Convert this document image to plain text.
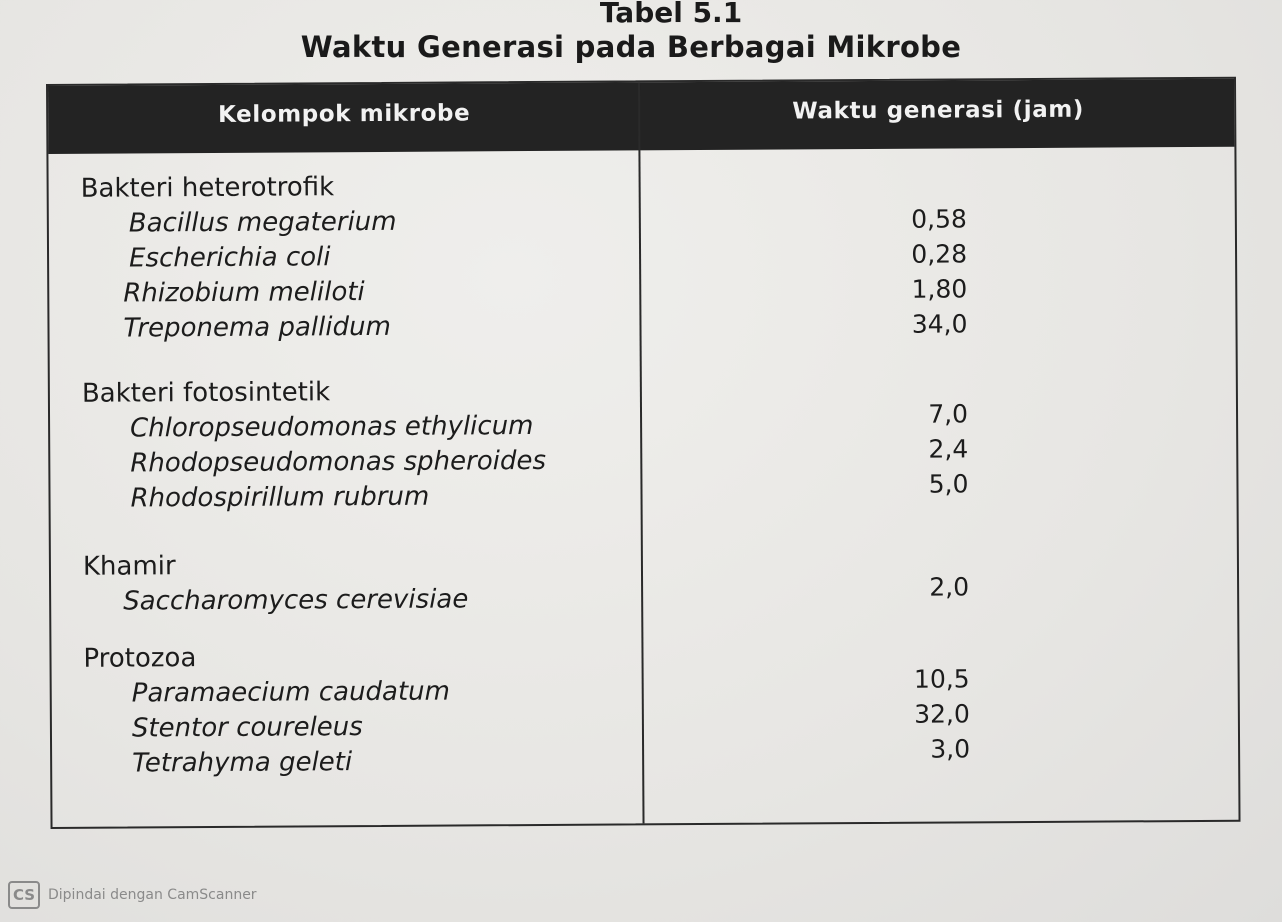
Tabel 5.1
Waktu Generasi pada Berbagai Mikrobe
Kelompok mikrobe	Waktu generasi (jam)
Bakteri heterotrofik
Bacillus megaterium
Escherichia coli
Rhizobium meliloti
Treponema pallidum
Bakteri fotosintetik
Chloropseudomonas ethylicum
Rhodopseudomonas spheroides
Rhodospirillum rubrum
Khamir
Saccharomyces cerevisiae
Protozoa
Paramaecium caudatum
Stentor coureleus
Tetrahyma geleti
0,58
0,28
1,80
34,0
7,0
2,4
5,0
2,0
10,5
32,0
3,0
CS Dipindai dengan CamScanner
